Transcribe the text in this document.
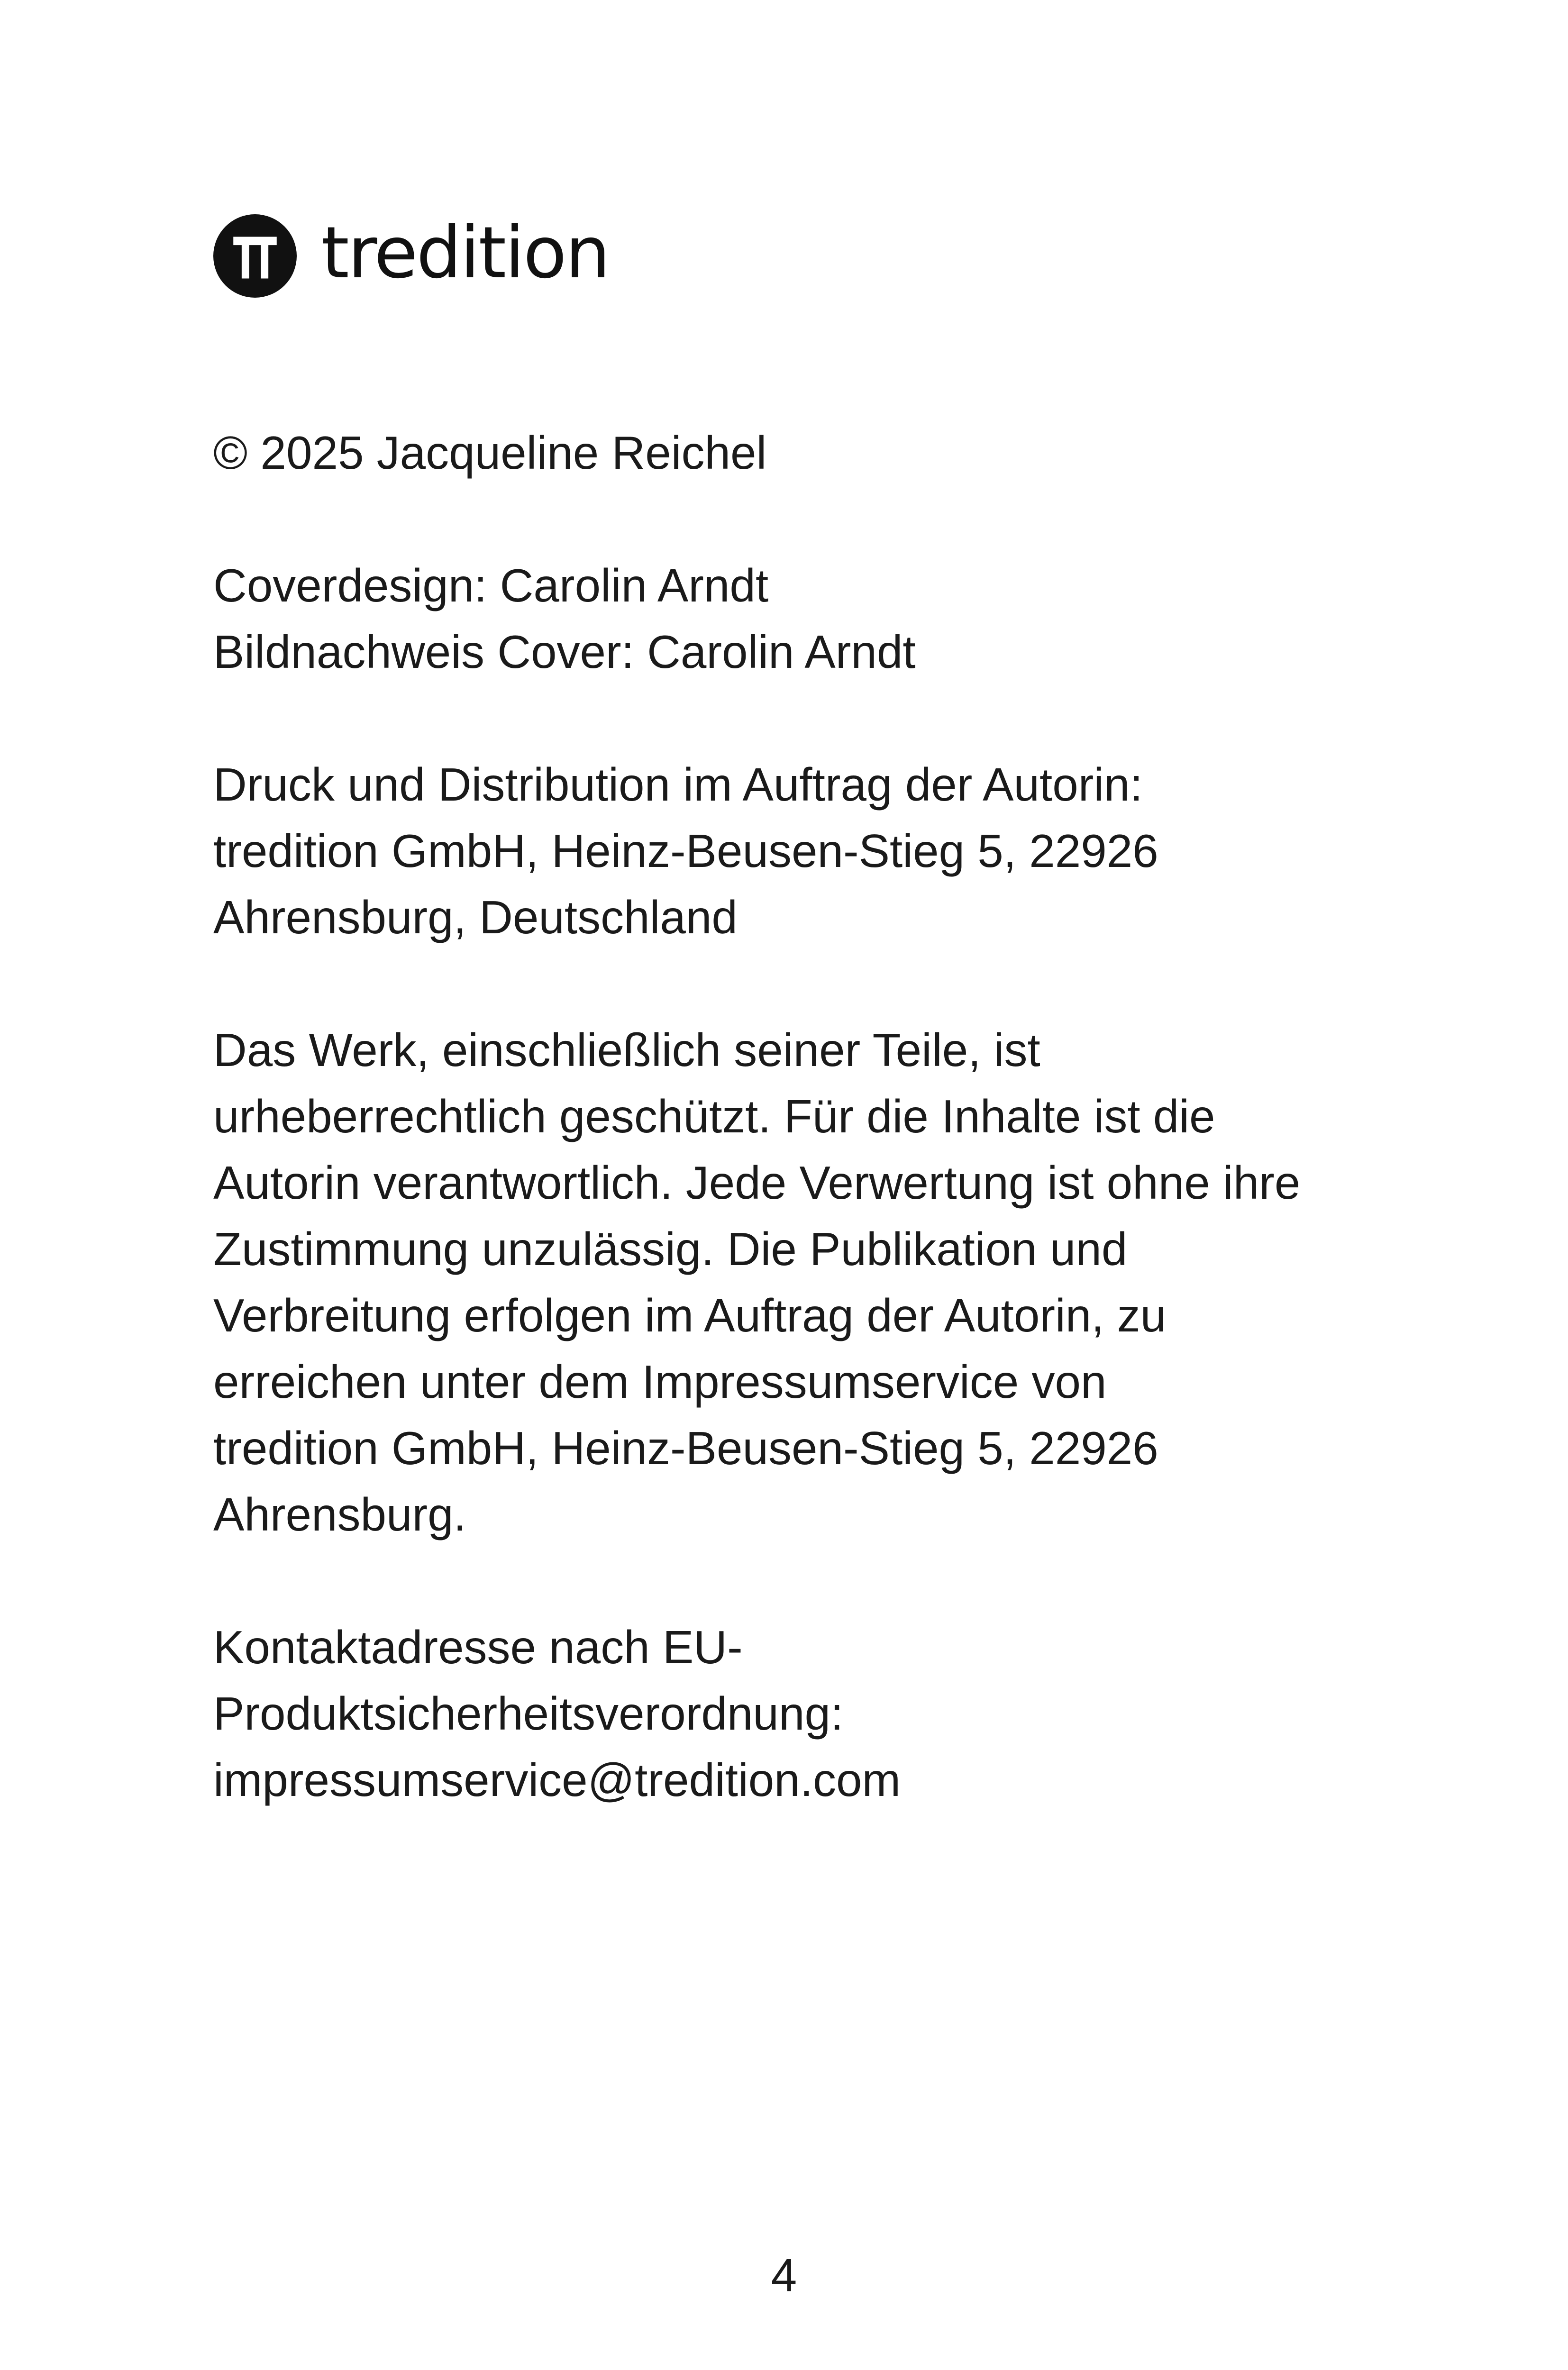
tredition

© 2025 Jacqueline Reichel

Coverdesign: Carolin Arndt
Bildnachweis Cover: Carolin Arndt

Druck und Distribution im Auftrag der Autorin:
tredition GmbH, Heinz-Beusen-Stieg 5, 22926
Ahrensburg, Deutschland

Das Werk, einschließlich seiner Teile, ist
urheberrechtlich geschützt. Für die Inhalte ist die
Autorin verantwortlich. Jede Verwertung ist ohne ihre
Zustimmung unzulässig. Die Publikation und
Verbreitung erfolgen im Auftrag der Autorin, zu
erreichen unter dem Impressumservice von
tredition GmbH, Heinz-Beusen-Stieg 5, 22926
Ahrensburg.

Kontaktadresse nach EU-
Produktsicherheitsverordnung:
impressumservice@tredition.com

4
